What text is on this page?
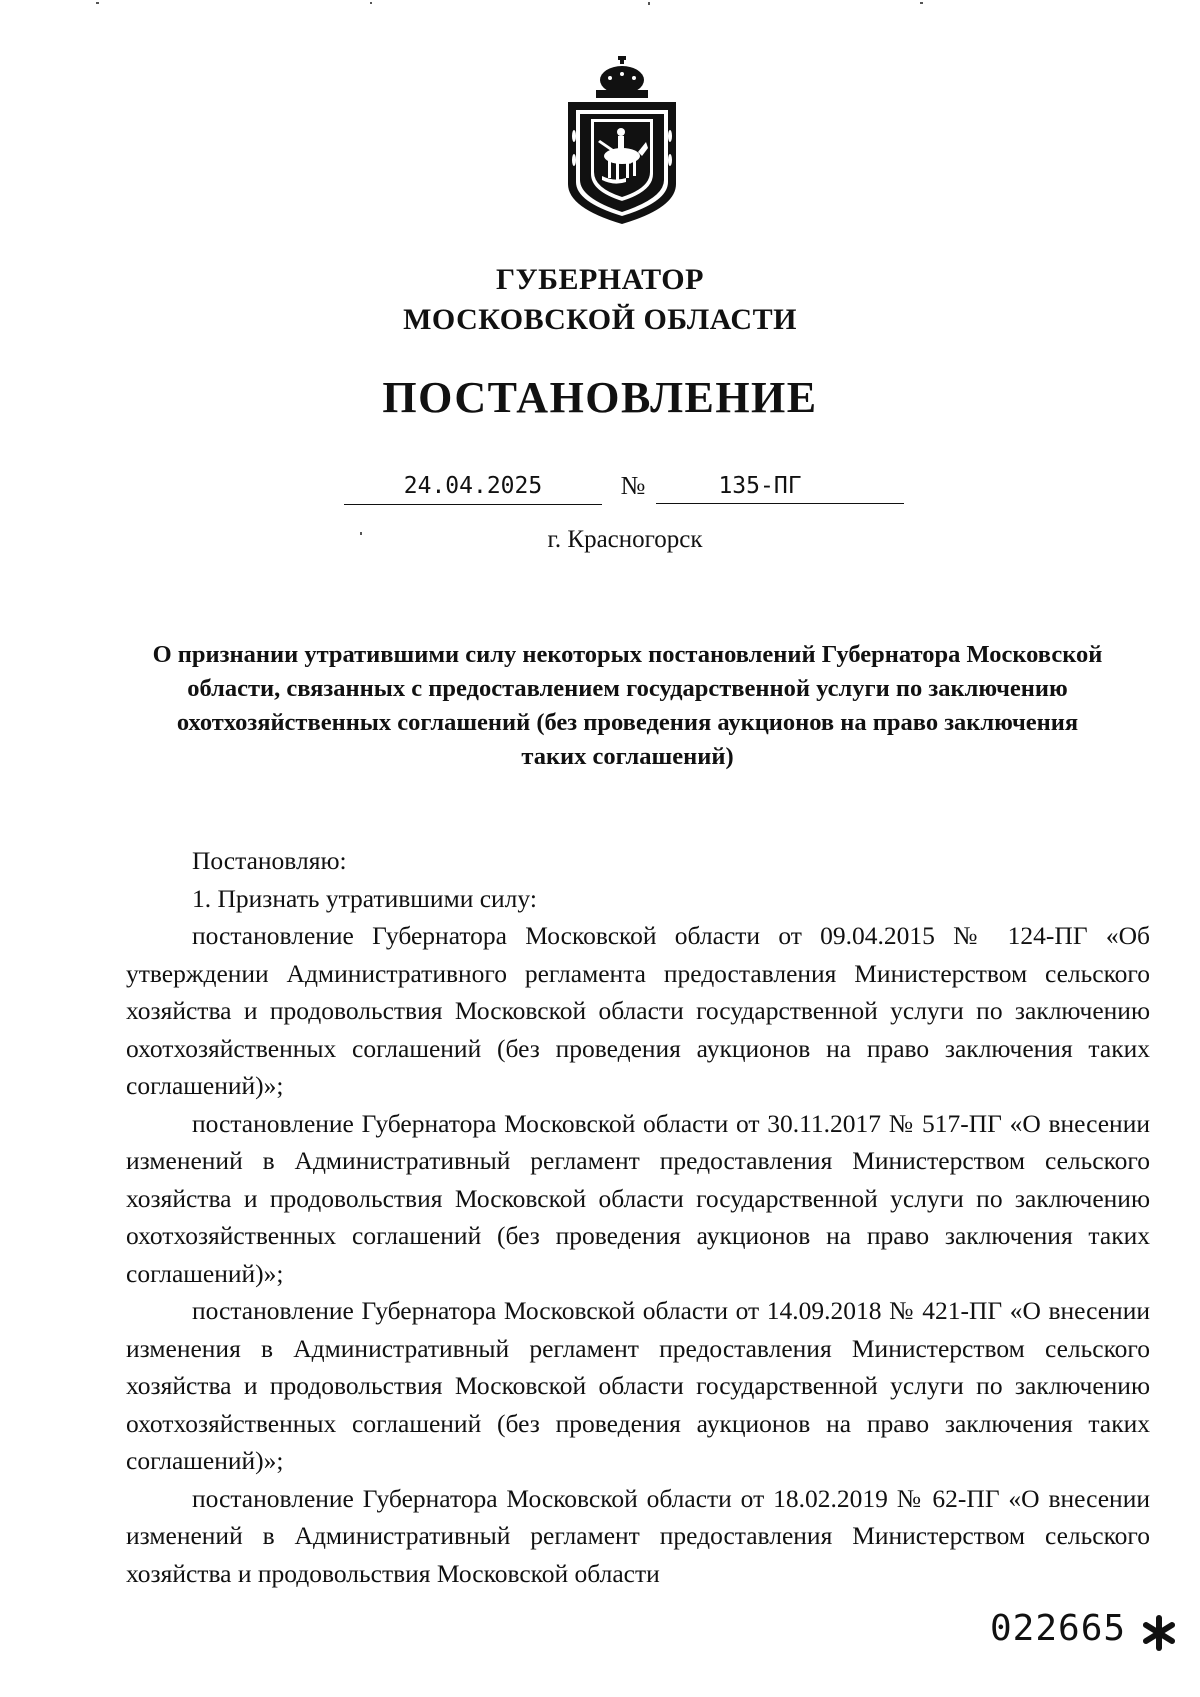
ГУБЕРНАТОР
МОСКОВСКОЙ ОБЛАСТИ
ПОСТАНОВЛЕНИЕ
24.04.2025	№	135-ПГ
г. Красногорск
О признании утратившими силу некоторых постановлений Губернатора Московской области, связанных с предоставлением государственной услуги по заключению охотхозяйственных соглашений (без проведения аукционов на право заключения таких соглашений)

Постановляю:

1. Признать утратившими силу:

постановление Губернатора Московской области от 09.04.2015 № 124-ПГ «Об утверждении Административного регламента предоставления Министерством сельского хозяйства и продовольствия Московской области государственной услуги по заключению охотхозяйственных соглашений (без проведения аукционов на право заключения таких соглашений)»;

постановление Губернатора Московской области от 30.11.2017 № 517-ПГ «О внесении изменений в Административный регламент предоставления Министерством сельского хозяйства и продовольствия Московской области государственной услуги по заключению охотхозяйственных соглашений (без проведения аукционов на право заключения таких соглашений)»;

постановление Губернатора Московской области от 14.09.2018 № 421-ПГ «О внесении изменения в Административный регламент предоставления Министерством сельского хозяйства и продовольствия Московской области государственной услуги по заключению охотхозяйственных соглашений (без проведения аукционов на право заключения таких соглашений)»;

постановление Губернатора Московской области от 18.02.2019 № 62-ПГ «О внесении изменений в Административный регламент предоставления Министерством сельского хозяйства и продовольствия Московской области

022665
